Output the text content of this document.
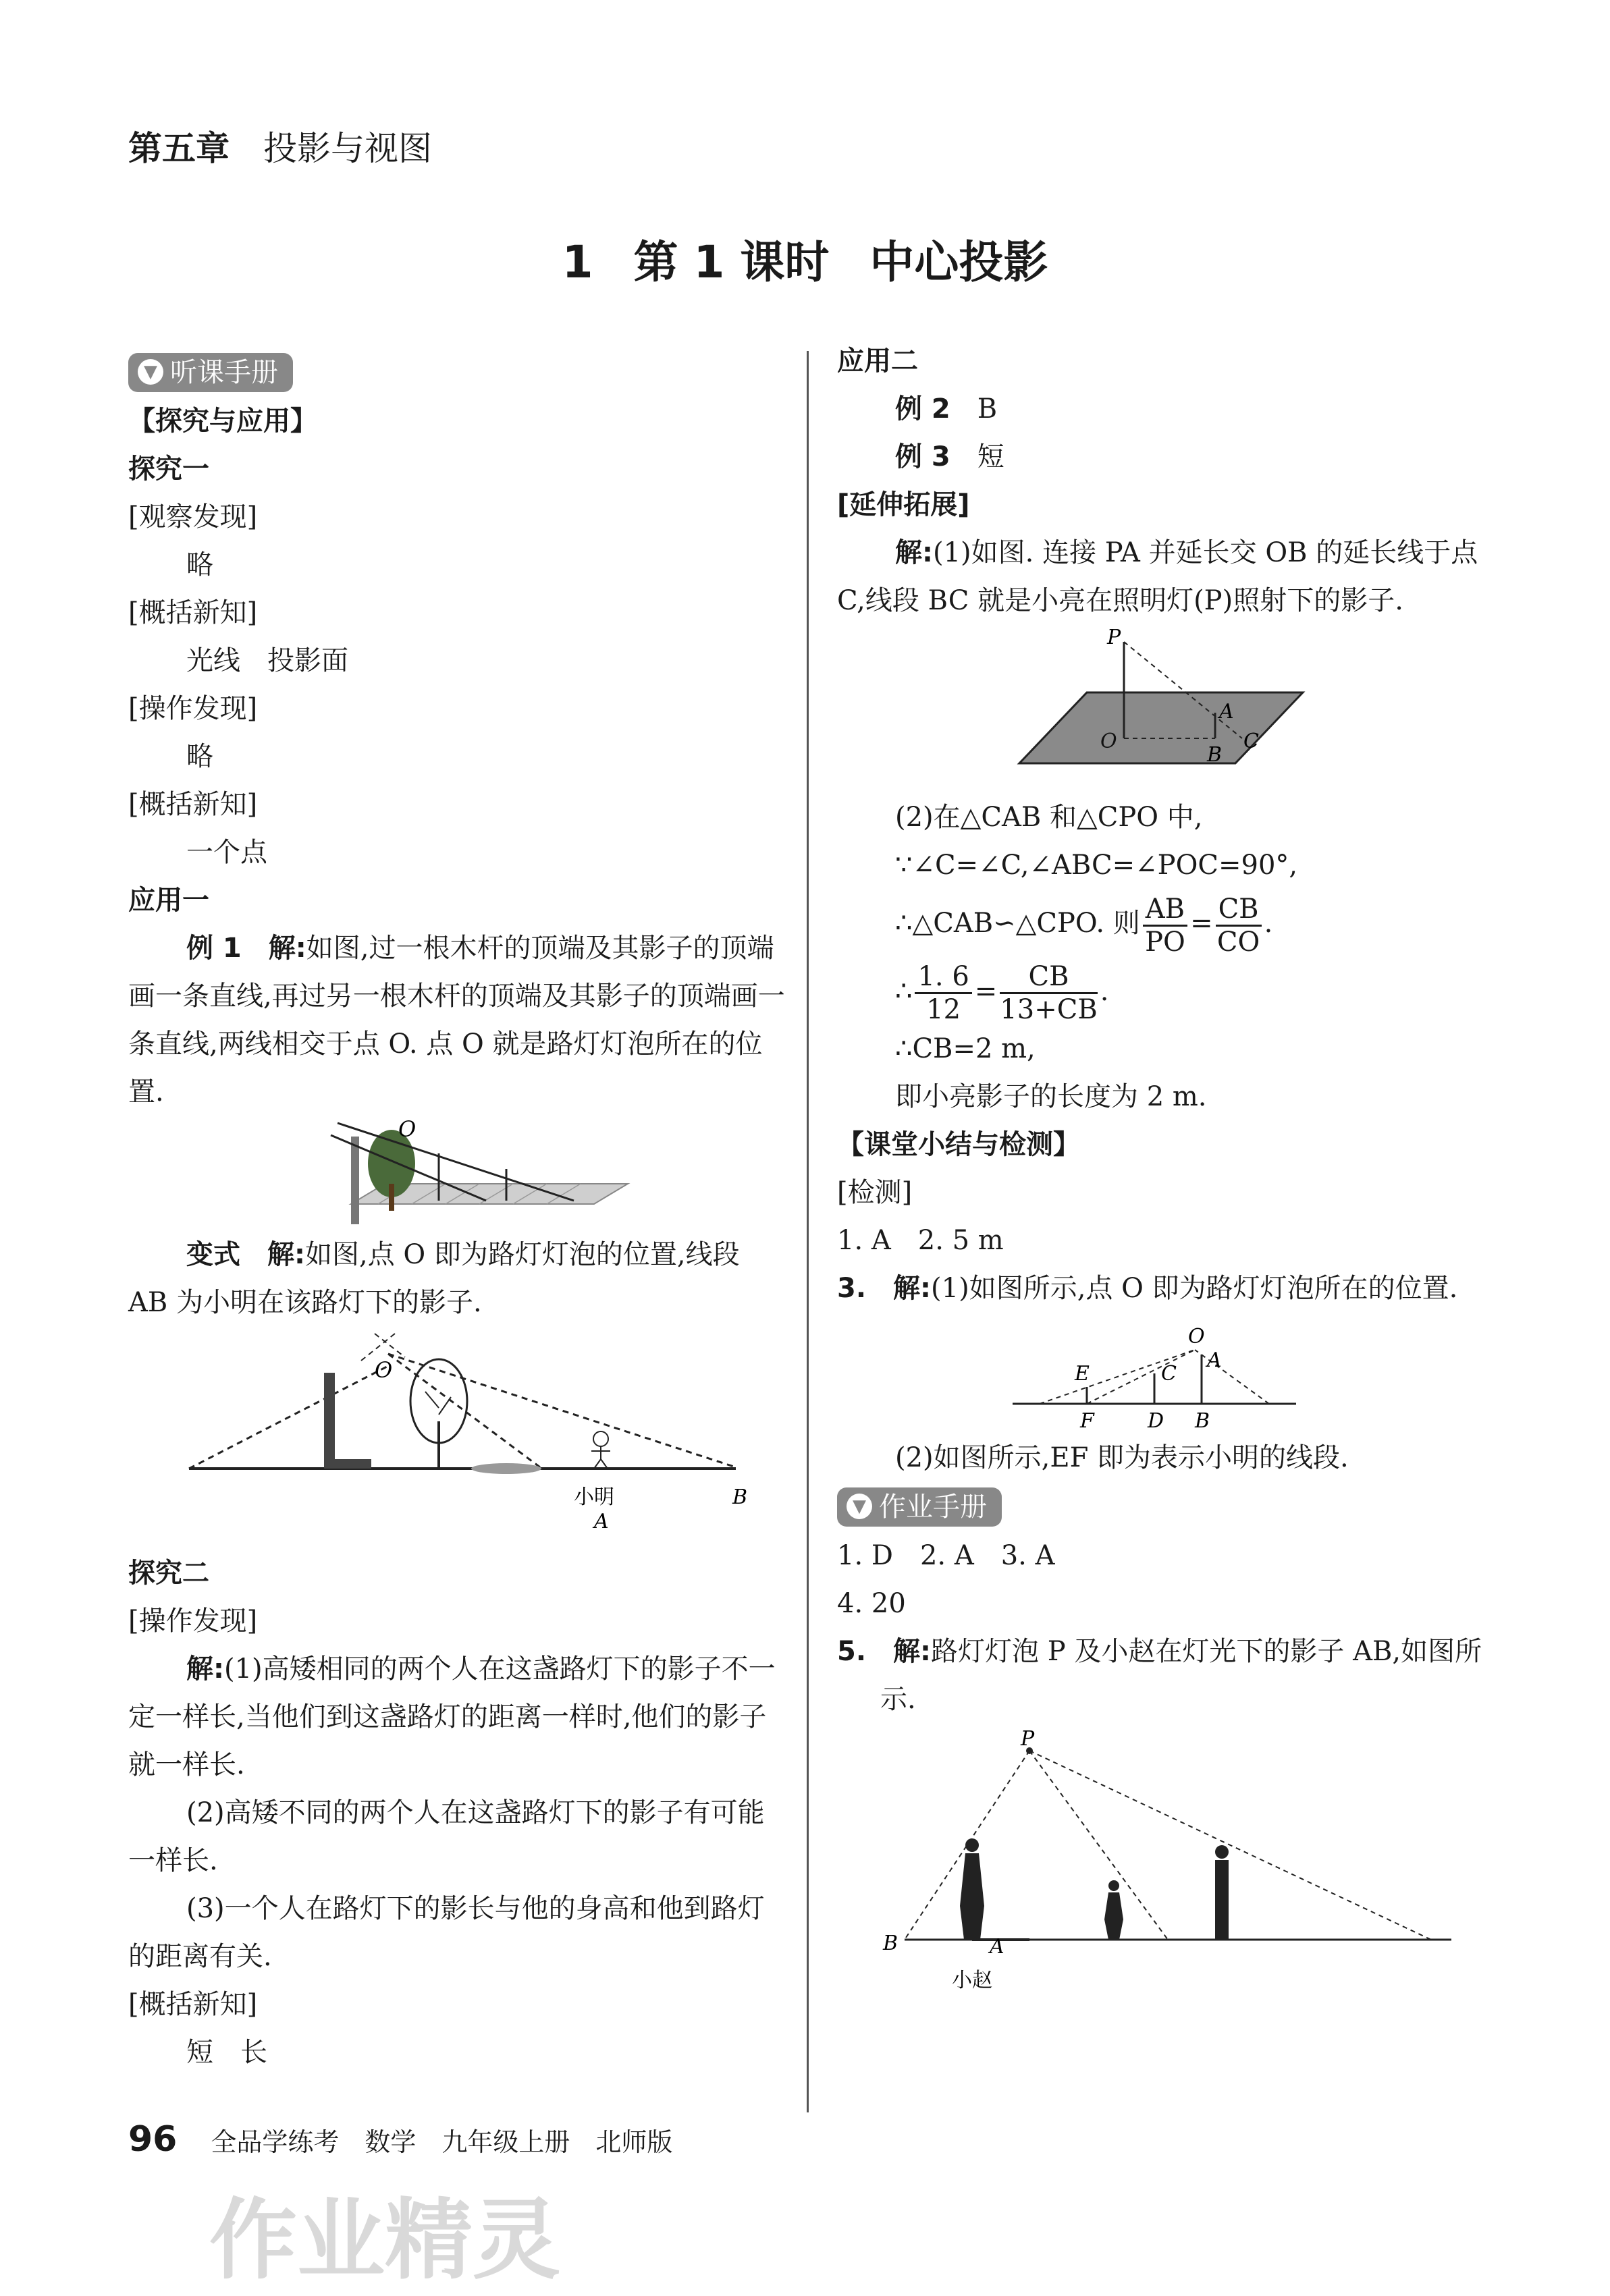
第五章 投影与视图
1 第 1 课时 中心投影
▼ 听课手册

【探究与应用】

探究一

[观察发现]

略

[概括新知]

光线　投影面

[操作发现]

略

[概括新知]

一个点

应用一

例 1　解:如图,过一根木杆的顶端及其影子的顶端画一条直线,再过另一根木杆的顶端及其影子的顶端画一条直线,两线相交于点 O. 点 O 就是路灯灯泡所在的位置.

O

变式　解:如图,点 O 即为路灯灯泡的位置,线段 AB 为小明在该路灯下的影子.

O
小明
A
B

探究二

[操作发现]

解:(1)高矮相同的两个人在这盏路灯下的影子不一定一样长,当他们到这盏路灯的距离一样时,他们的影子就一样长.

(2)高矮不同的两个人在这盏路灯下的影子有可能一样长.

(3)一个人在路灯下的影长与他的身高和他到路灯的距离有关.

[概括新知]

短　长

应用二

例 2　 B

例 3　 短

[延伸拓展]

解:(1)如图. 连接 PA 并延长交 OB 的延长线于点 C,线段 BC 就是小亮在照明灯(P)照射下的影子.

P
O
A
B
C

(2)在△CAB 和△CPO 中,

∵∠C=∠C,∠ABC=∠POC=90°,

∴△CAB∽△CPO. 则 $\frac{AB}{PO} = \frac{CB}{CO}$ .

∴ $\frac{1. 6}{12} = \frac{CB}{13+CB}$ .

∴CB=2 m,

即小亮影子的长度为 2 m.

【课堂小结与检测】

[检测]

1. A　2. 5 m

3.　解:(1)如图所示,点 O 即为路灯灯泡所在的位置.

O
E	C
A
F	D B

(2)如图所示,EF 即为表示小明的线段.

▼ 作业手册

1. D　2. A　3. A

4. 20

5.　解:路灯灯泡 P 及小赵在灯光下的影子 AB,如图所示.

B
P
A
小赵
96 全品学练考　数学　九年级上册　北师版
作业精灵
